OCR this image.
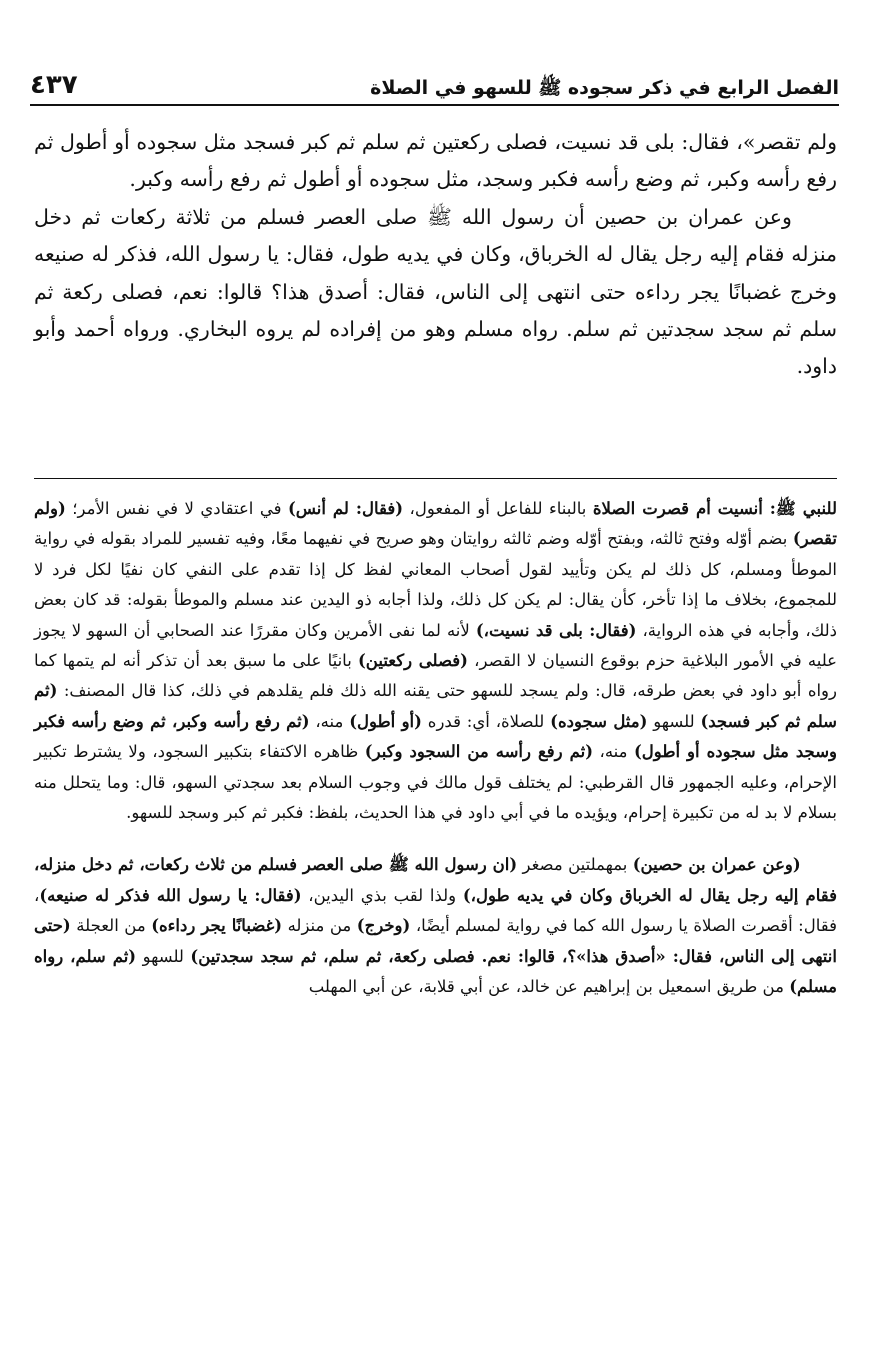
الفصل الرابع في ذكر سجوده ﷺ للسهو في الصلاة
٤٣٧

ولم تقصر»، فقال: بلى قد نسيت، فصلى ركعتين ثم سلم ثم كبر فسجد مثل سجوده أو أطول ثم رفع رأسه وكبر، ثم وضع رأسه فكبر وسجد، مثل سجوده أو أطول ثم رفع رأسه وكبر.

وعن عمران بن حصين أن رسول الله ﷺ صلى العصر فسلم من ثلاثة ركعات ثم دخل منزله فقام إليه رجل يقال له الخرباق، وكان في يديه طول، فقال: يا رسول الله، فذكر له صنيعه وخرج غضبانًا يجر رداءه حتى انتهى إلى الناس، فقال: أصدق هذا؟ قالوا: نعم، فصلى ركعة ثم سلم ثم سجد سجدتين ثم سلم. رواه مسلم وهو من إفراده لم يروه البخاري. ورواه أحمد وأبو داود.

للنبي ﷺ: أنسيت أم قصرت الصلاة بالبناء للفاعل أو المفعول، (فقال: لم أنس) في اعتقادي لا في نفس الأمر؛ (ولم تقصر) بضم أوّله وفتح ثالثه، وبفتح أوّله وضم ثالثه روايتان وهو صريح في نفيهما معًا، وفيه تفسير للمراد بقوله في رواية الموطأ ومسلم، كل ذلك لم يكن وتأييد لقول أصحاب المعاني لفظ كل إذا تقدم على النفي كان نفيًا لكل فرد لا للمجموع، بخلاف ما إذا تأخر، كأن يقال: لم يكن كل ذلك، ولذا أجابه ذو اليدين عند مسلم والموطأ بقوله: قد كان بعض ذلك، وأجابه في هذه الرواية، (فقال: بلى قد نسيت،) لأنه لما نفى الأمرين وكان مقررًا عند الصحابي أن السهو لا يجوز عليه في الأمور البلاغية حزم بوقوع النسيان لا القصر، (فصلى ركعتين) بانيًا على ما سبق بعد أن تذكر أنه لم يتمها كما رواه أبو داود في بعض طرقه، قال: ولم يسجد للسهو حتى يقنه الله ذلك فلم يقلدهم في ذلك، كذا قال المصنف: (ثم سلم ثم كبر فسجد) للسهو (مثل سجوده) للصلاة، أي: قدره (أو أطول) منه، (ثم رفع رأسه وكبر، ثم وضع رأسه فكبر وسجد مثل سجوده أو أطول) منه، (ثم رفع رأسه من السجود وكبر) ظاهره الاكتفاء بتكبير السجود، ولا يشترط تكبير الإحرام، وعليه الجمهور قال القرطبي: لم يختلف قول مالك في وجوب السلام بعد سجدتي السهو، قال: وما يتحلل منه بسلام لا بد له من تكبيرة إحرام، ويؤيده ما في أبي داود في هذا الحديث، بلفظ: فكبر ثم كبر وسجد للسهو.

(وعن عمران بن حصين) بمهملتين مصغر (ان رسول الله ﷺ صلى العصر فسلم من ثلاث ركعات، ثم دخل منزله، فقام إليه رجل يقال له الخرباق وكان في يديه طول،) ولذا لقب بذي اليدين، (فقال: يا رسول الله فذكر له صنيعه)، فقال: أقصرت الصلاة يا رسول الله كما في رواية لمسلم أيضًا، (وخرج) من منزله (غضبانًا يجر رداءه) من العجلة (حتى انتهى إلى الناس، فقال: «أصدق هذا»؟، قالوا: نعم. فصلى ركعة، ثم سلم، ثم سجد سجدتين) للسهو (ثم سلم، رواه مسلم) من طريق اسمعيل بن إبراهيم عن خالد، عن أبي قلابة، عن أبي المهلب
